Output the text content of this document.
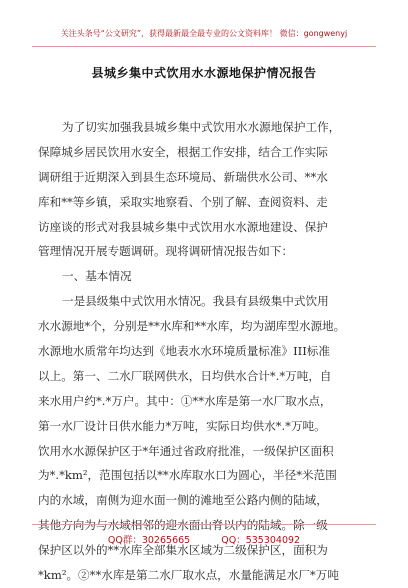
关注头条号“公文研究”，获得最新最全最专业的公文资料库！ 微信：gongwenyj
县城乡集中式饮用水水源地保护情况报告
为了切实加强我县城乡集中式饮用水水源地保护工作，
保障城乡居民饮用水安全，根据工作安排，结合工作实际
调研组于近期深入到县生态环境局、新瑞供水公司、**水
库和**等乡镇，采取实地察看、个别了解、查阅资料、走
访座谈的形式对我县城乡集中式饮用水水源地建设、保护
管理情况开展专题调研。现将调研情况报告如下：
一、基本情况
一是县级集中式饮用水情况。我县有县级集中式饮用
水水源地*个，分别是**水库和**水库，均为湖库型水源地。
水源地水质常年均达到《地表水水环境质量标准》III标准
以上。第一、二水厂联网供水，日均供水合计*.*万吨，自
来水用户约*.*万户。其中：①**水库是第一水厂取水点，
第一水厂设计日供水能力*万吨，实际日均供水*.*万吨。
饮用水水源保护区于*年通过省政府批准，一级保护区面积
为*.*km²，范围包括以**水库取水口为圆心，半径*米范围
内的水域，南侧为迎水面一侧的滩地至公路内侧的陆域，
其他方向为与水域相邻的迎水面山脊以内的陆域。除一级
保护区以外的**水库全部集水区域为二级保护区，面积为
*km²。②**水库是第二水厂取水点，水量能满足水厂*万吨
QQ群：30265665	QQ：535304092
